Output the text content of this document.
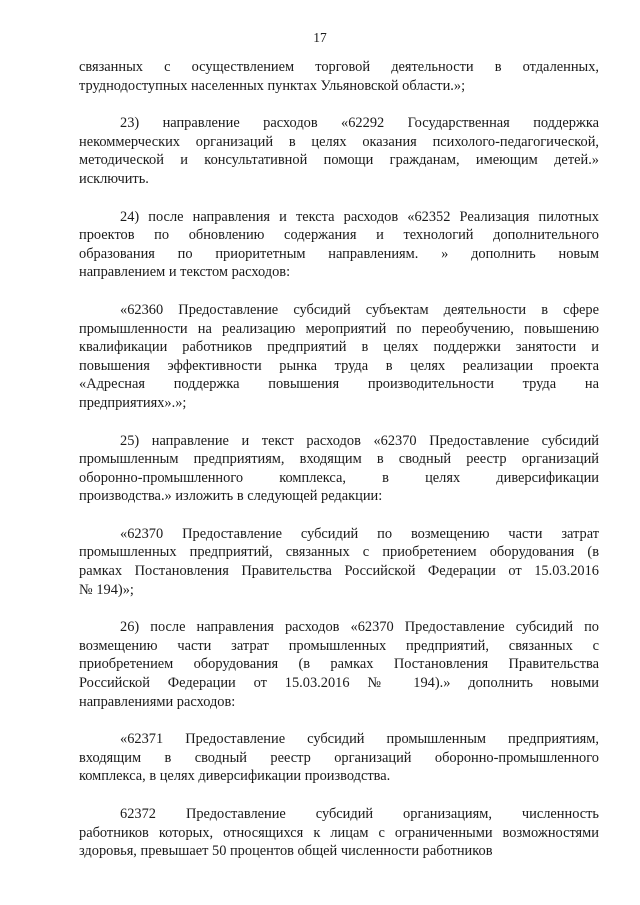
17
связанных с осуществлением торговой деятельности в отдаленных,
труднодоступных населенных пунктах Ульяновской области.»;
23) направление расходов «62292 Государственная поддержка
некоммерческих организаций в целях оказания психолого-педагогической,
методической и консультативной помощи гражданам, имеющим детей.»
исключить.
24) после направления и текста расходов «62352 Реализация пилотных
проектов по обновлению содержания и технологий дополнительного
образования по приоритетным направлениям. » дополнить новым
направлением и текстом расходов:
«62360 Предоставление субсидий субъектам деятельности в сфере
промышленности на реализацию мероприятий по переобучению, повышению
квалификации работников предприятий в целях поддержки занятости и
повышения эффективности рынка труда в целях реализации проекта
«Адресная поддержка повышения производительности труда на
предприятиях».»;
25) направление и текст расходов «62370 Предоставление субсидий
промышленным предприятиям, входящим в сводный реестр организаций
оборонно-промышленного комплекса, в целях диверсификации
производства.» изложить в следующей редакции:
«62370 Предоставление субсидий по возмещению части затрат
промышленных предприятий, связанных с приобретением оборудования (в
рамках Постановления Правительства Российской Федерации от 15.03.2016
№ 194)»;
26) после направления расходов «62370 Предоставление субсидий по
возмещению части затрат промышленных предприятий, связанных с
приобретением оборудования (в рамках Постановления Правительства
Российской Федерации от 15.03.2016 № 194).» дополнить новыми
направлениями расходов:
«62371 Предоставление субсидий промышленным предприятиям,
входящим в сводный реестр организаций оборонно-промышленного
комплекса, в целях диверсификации производства.
62372 Предоставление субсидий организациям, численность
работников которых, относящихся к лицам с ограниченными возможностями
здоровья, превышает 50 процентов общей численности работников
